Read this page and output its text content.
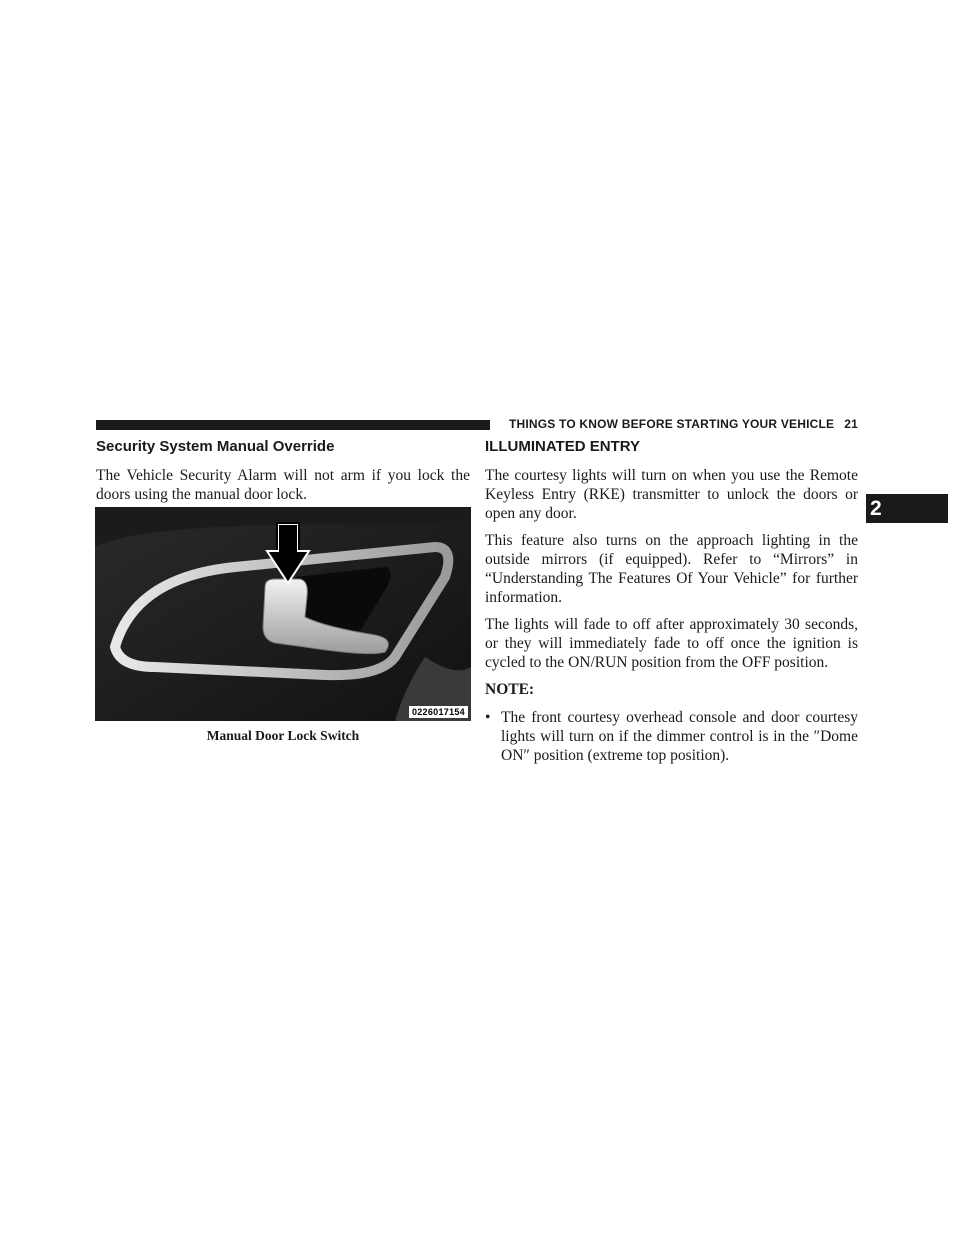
THINGS TO KNOW BEFORE STARTING YOUR VEHICLE 21
2
Security System Manual Override

The Vehicle Security Alarm will not arm if you lock the doors using the manual door lock.

0226017154
Manual Door Lock Switch
ILLUMINATED ENTRY

The courtesy lights will turn on when you use the Remote Keyless Entry (RKE) transmitter to unlock the doors or open any door.

This feature also turns on the approach lighting in the outside mirrors (if equipped). Refer to “Mirrors” in “Understanding The Features Of Your Vehicle” for further information.

The lights will fade to off after approximately 30 seconds, or they will immediately fade to off once the ignition is cycled to the ON/RUN position from the OFF position.

NOTE:

• The front courtesy overhead console and door courtesy lights will turn on if the dimmer control is in the ″Dome ON″ position (extreme top position).
